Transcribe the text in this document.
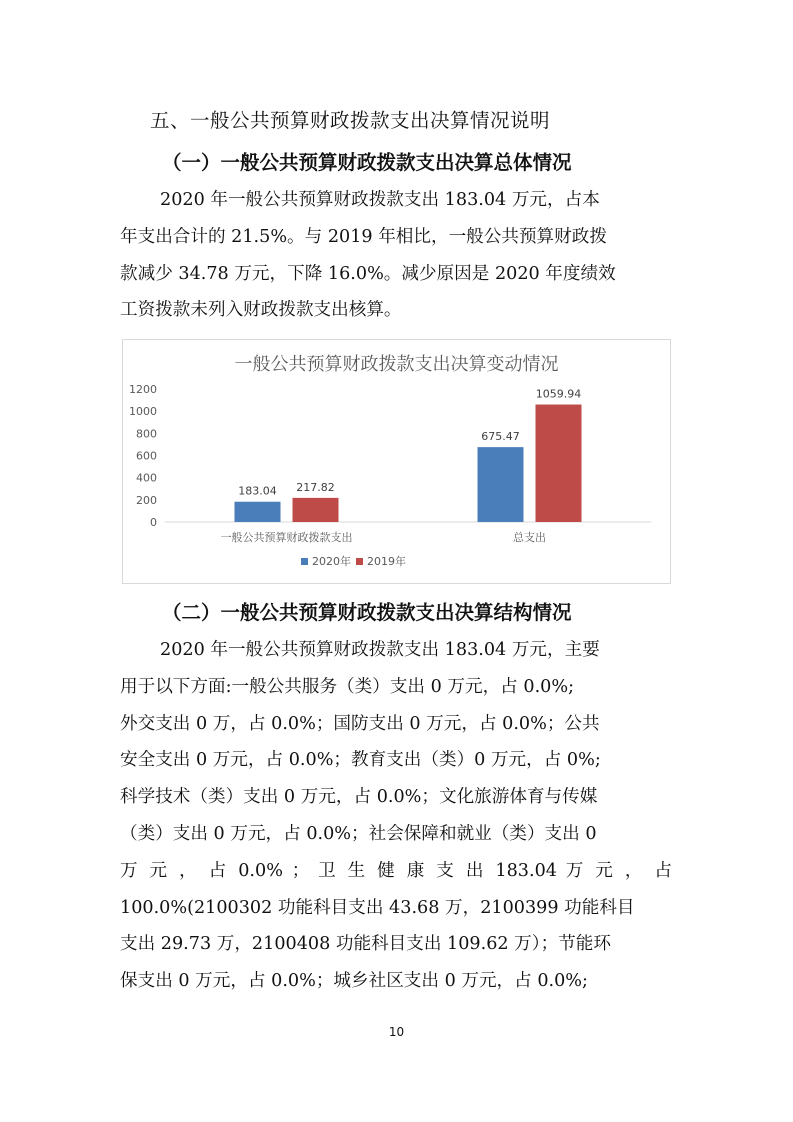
五、一般公共预算财政拨款支出决算情况说明
（一）一般公共预算财政拨款支出决算总体情况
2020 年一般公共预算财政拨款支出 183.04 万元，占本
年支出合计的 21.5%。与 2019 年相比，一般公共预算财政拨
款减少 34.78 万元，下降 16.0%。减少原因是 2020 年度绩效
工资拨款未列入财政拨款支出核算。
一般公共预算财政拨款支出决算变动情况
0
200
400
600
800
1000
1200
183.04 217.82
一般公共预算财政拨款支出
675.47
1059.94
总支出
2020年 2019年
（二）一般公共预算财政拨款支出决算结构情况
2020 年一般公共预算财政拨款支出 183.04 万元，主要
用于以下方面:一般公共服务（类）支出 0 万元，占 0.0%;
外交支出 0 万，占 0.0%；国防支出 0 万元，占 0.0%；公共
安全支出 0 万元，占 0.0%；教育支出（类）0 万元，占 0%;
科学技术（类）支出 0 万元，占 0.0%；文化旅游体育与传媒
（类）支出 0 万元，占 0.0%；社会保障和就业（类）支出 0
万 元 ， 占 0.0% ； 卫 生 健 康 支 出 183.04 万 元 ， 占
100.0%(2100302 功能科目支出 43.68 万，2100399 功能科目
支出 29.73 万，2100408 功能科目支出 109.62 万）；节能环
保支出 0 万元，占 0.0%；城乡社区支出 0 万元，占 0.0%;
10
